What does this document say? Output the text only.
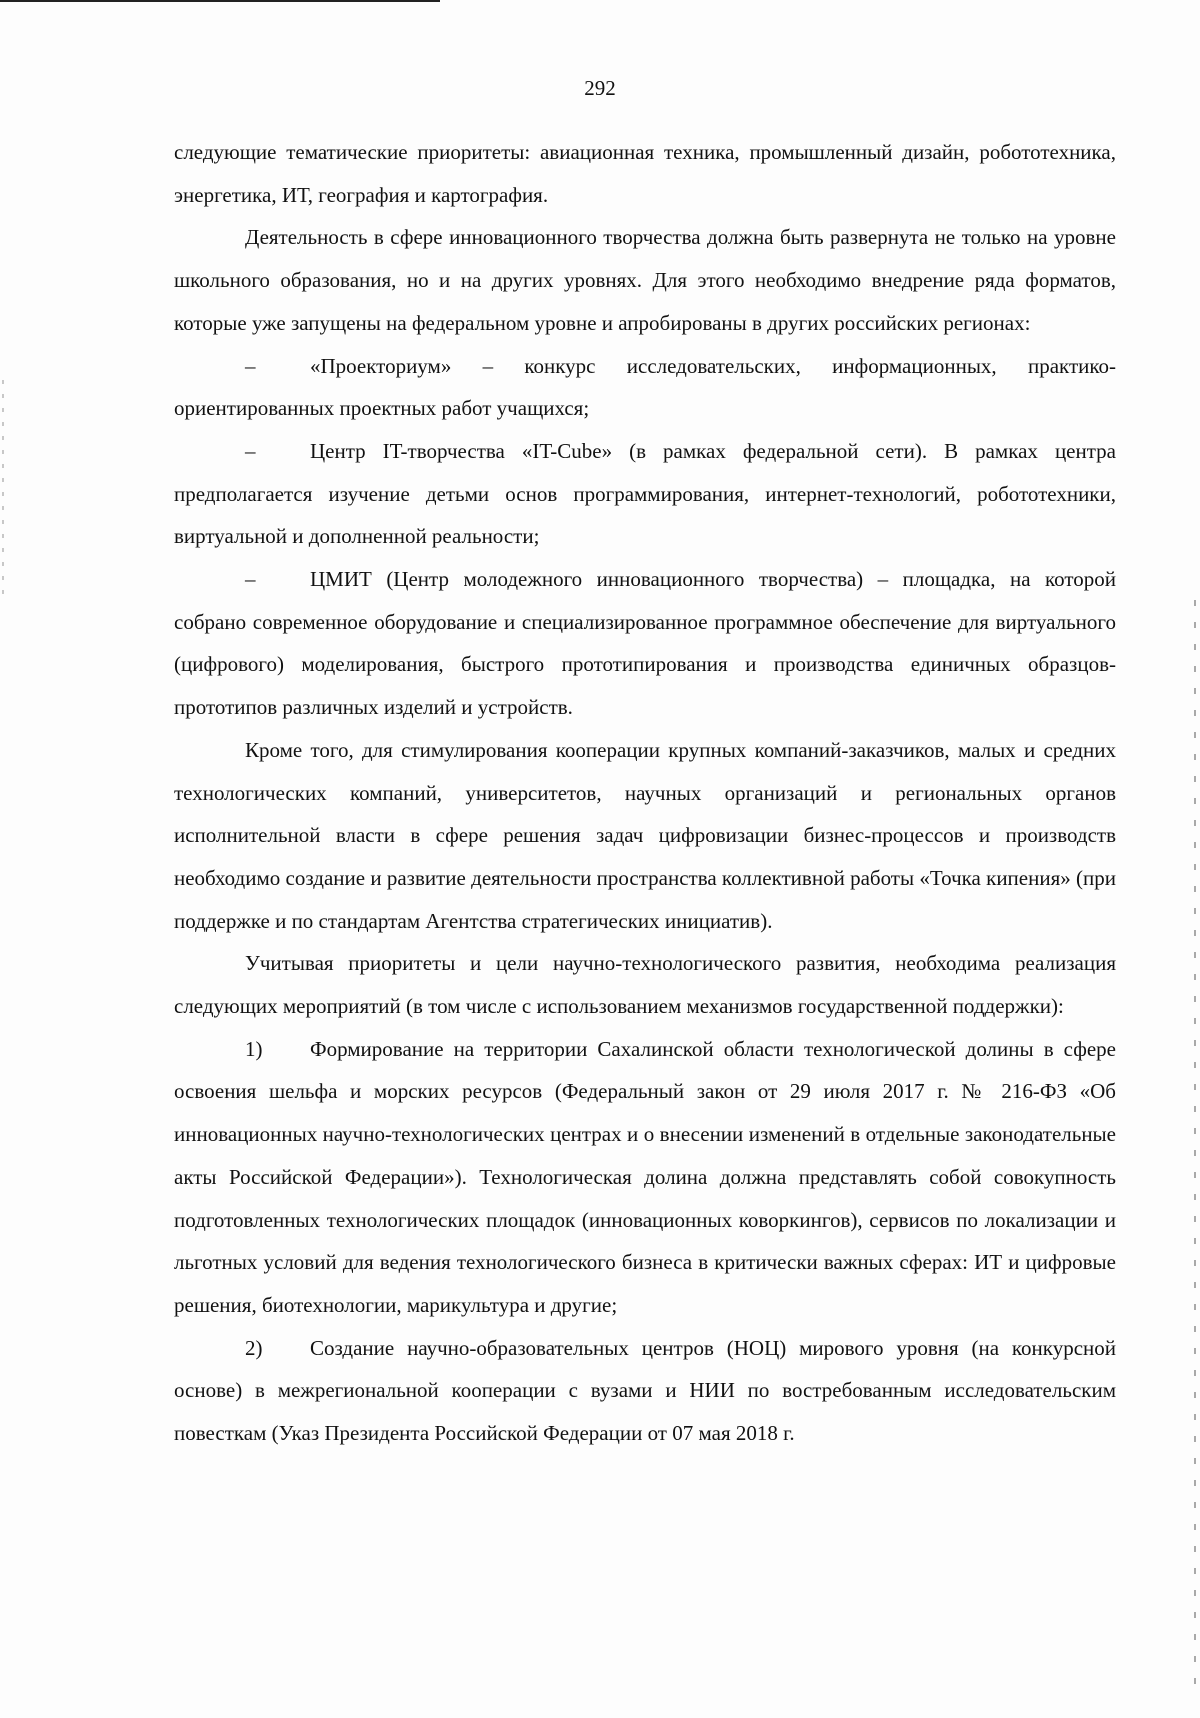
292

следующие тематические приоритеты: авиационная техника, промышленный дизайн, робототехника, энергетика, ИТ, география и картография.

Деятельность в сфере инновационного творчества должна быть развернута не только на уровне школьного образования, но и на других уровнях. Для этого необходимо внедрение ряда форматов, которые уже запущены на федеральном уровне и апробированы в других российских регионах:

–	«Проекториум» – конкурс исследовательских, информационных, практико-ориентированных проектных работ учащихся;

–	Центр IT-творчества «IT-Cube» (в рамках федеральной сети). В рамках центра предполагается изучение детьми основ программирования, интернет-технологий, робототехники, виртуальной и дополненной реальности;

–	ЦМИТ (Центр молодежного инновационного творчества) – площадка, на которой собрано современное оборудование и специализированное программное обеспечение для виртуального (цифрового) моделирования, быстрого прототипирования и производства единичных образцов-прототипов различных изделий и устройств.

Кроме того, для стимулирования кооперации крупных компаний-заказчиков, малых и средних технологических компаний, университетов, научных организаций и региональных органов исполнительной власти в сфере решения задач цифровизации бизнес-процессов и производств необходимо создание и развитие деятельности пространства коллективной работы «Точка кипения» (при поддержке и по стандартам Агентства стратегических инициатив).

Учитывая приоритеты и цели научно-технологического развития, необходима реализация следующих мероприятий (в том числе с использованием механизмов государственной поддержки):

1) Формирование на территории Сахалинской области технологической долины в сфере освоения шельфа и морских ресурсов (Федеральный закон от 29 июля 2017 г. № 216-ФЗ «Об инновационных научно-технологических центрах и о внесении изменений в отдельные законодательные акты Российской Федерации»). Технологическая долина должна представлять собой совокупность подготовленных технологических площадок (инновационных коворкингов), сервисов по локализации и льготных условий для ведения технологического бизнеса в критически важных сферах: ИТ и цифровые решения, биотехнологии, марикультура и другие;

2) Создание научно-образовательных центров (НОЦ) мирового уровня (на конкурсной основе) в межрегиональной кооперации с вузами и НИИ по востребованным исследовательским повесткам (Указ Президента Российской Федерации от 07 мая 2018 г.
